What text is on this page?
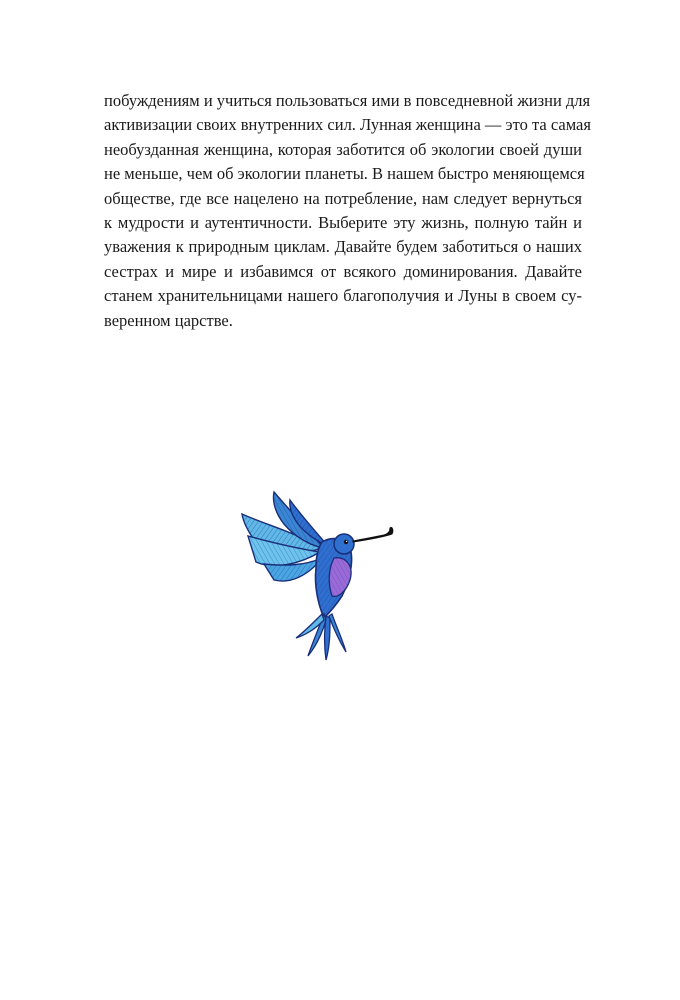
побуждениям и учиться пользоваться ими в повседневной жизни для
активизации своих внутренних сил. Лунная женщина — это та самая
необузданная женщина, которая заботится об экологии своей души
не меньше, чем об экологии планеты. В нашем быстро меняющемся
обществе, где все нацелено на потребление, нам следует вернуться
к мудрости и аутентичности. Выберите эту жизнь, полную тайн и
уважения к природным циклам. Давайте будем заботиться о наших
сестрах и мире и избавимся от всякого доминирования. Давайте
станем хранительницами нашего благополучия и Луны в своем су-
веренном царстве.
